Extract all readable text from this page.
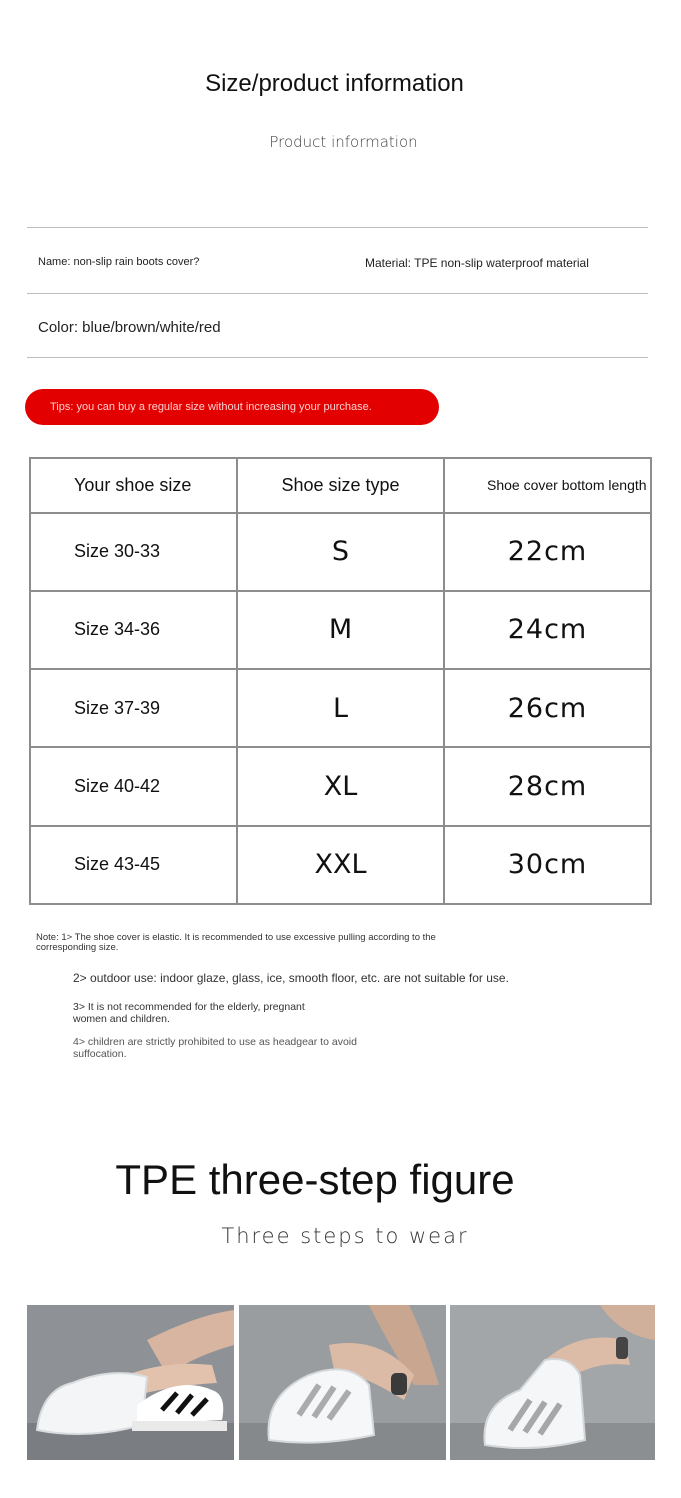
Size/product information
Product information
Name: non-slip rain boots cover?	Material: TPE non-slip waterproof material
Color: blue/brown/white/red
Tips: you can buy a regular size without increasing your purchase.
Your shoe size	Shoe size type	Shoe cover bottom length
Size 30-33	S	22cm
Size 34-36	M	24cm
Size 37-39	L	26cm
Size 40-42	XL	28cm
Size 43-45	XXL	30cm
Note: 1> The shoe cover is elastic. It is recommended to use excessive pulling according to the corresponding size.
2> outdoor use: indoor glaze, glass, ice, smooth floor, etc. are not suitable for use.
3> It is not recommended for the elderly, pregnant women and children.
4> children are strictly prohibited to use as headgear to avoid suffocation.
TPE three-step figure
Three steps to wear
